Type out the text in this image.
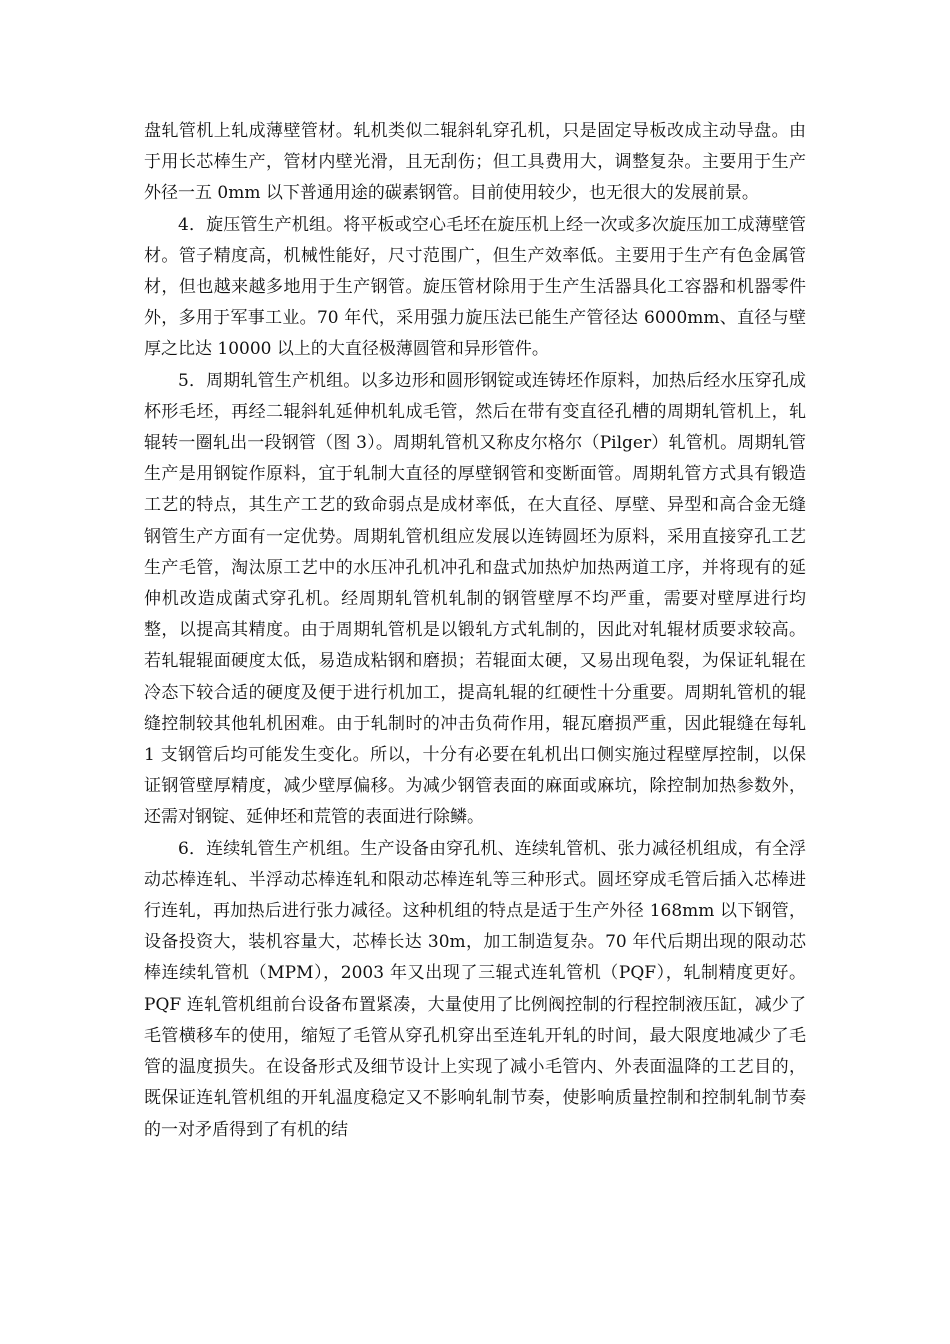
盘轧管机上轧成薄壁管材。轧机类似二辊斜轧穿孔机，只是固定导板改成主动导盘。由于用长芯棒生产，管材内壁光滑，且无刮伤；但工具费用大，调整复杂。主要用于生产外径一五 0mm 以下普通用途的碳素钢管。目前使用较少，也无很大的发展前景。

4．旋压管生产机组。将平板或空心毛坯在旋压机上经一次或多次旋压加工成薄壁管材。管子精度高，机械性能好，尺寸范围广，但生产效率低。主要用于生产有色金属管材，但也越来越多地用于生产钢管。旋压管材除用于生产生活器具化工容器和机器零件外，多用于军事工业。70 年代，采用强力旋压法已能生产管径达 6000mm、直径与壁厚之比达 10000 以上的大直径极薄圆管和异形管件。

5．周期轧管生产机组。以多边形和圆形钢锭或连铸坯作原料，加热后经水压穿孔成杯形毛坯，再经二辊斜轧延伸机轧成毛管，然后在带有变直径孔槽的周期轧管机上，轧辊转一圈轧出一段钢管（图 3）。周期轧管机又称皮尔格尔（Pilger）轧管机。周期轧管生产是用钢锭作原料，宜于轧制大直径的厚壁钢管和变断面管。周期轧管方式具有锻造工艺的特点，其生产工艺的致命弱点是成材率低，在大直径、厚壁、异型和高合金无缝钢管生产方面有一定优势。周期轧管机组应发展以连铸圆坯为原料，采用直接穿孔工艺生产毛管，淘汰原工艺中的水压冲孔机冲孔和盘式加热炉加热两道工序，并将现有的延伸机改造成菌式穿孔机。经周期轧管机轧制的钢管壁厚不均严重，需要对壁厚进行均整，以提高其精度。由于周期轧管机是以锻轧方式轧制的，因此对轧辊材质要求较高。若轧辊辊面硬度太低，易造成粘钢和磨损；若辊面太硬，又易出现龟裂，为保证轧辊在冷态下较合适的硬度及便于进行机加工，提高轧辊的红硬性十分重要。周期轧管机的辊缝控制较其他轧机困难。由于轧制时的冲击负荷作用，辊瓦磨损严重，因此辊缝在每轧 1 支钢管后均可能发生变化。所以，十分有必要在轧机出口侧实施过程壁厚控制，以保证钢管壁厚精度，减少壁厚偏移。为减少钢管表面的麻面或麻坑，除控制加热参数外，还需对钢锭、延伸坯和荒管的表面进行除鳞。

6．连续轧管生产机组。生产设备由穿孔机、连续轧管机、张力减径机组成，有全浮动芯棒连轧、半浮动芯棒连轧和限动芯棒连轧等三种形式。圆坯穿成毛管后插入芯棒进行连轧，再加热后进行张力减径。这种机组的特点是适于生产外径 168mm 以下钢管，设备投资大，装机容量大，芯棒长达 30m，加工制造复杂。70 年代后期出现的限动芯棒连续轧管机（MPM），2003 年又出现了三辊式连轧管机（PQF），轧制精度更好。PQF 连轧管机组前台设备布置紧凑，大量使用了比例阀控制的行程控制液压缸，减少了毛管横移车的使用，缩短了毛管从穿孔机穿出至连轧开轧的时间，最大限度地减少了毛管的温度损失。在设备形式及细节设计上实现了减小毛管内、外表面温降的工艺目的，既保证连轧管机组的开轧温度稳定又不影响轧制节奏，使影响质量控制和控制轧制节奏的一对矛盾得到了有机的结
